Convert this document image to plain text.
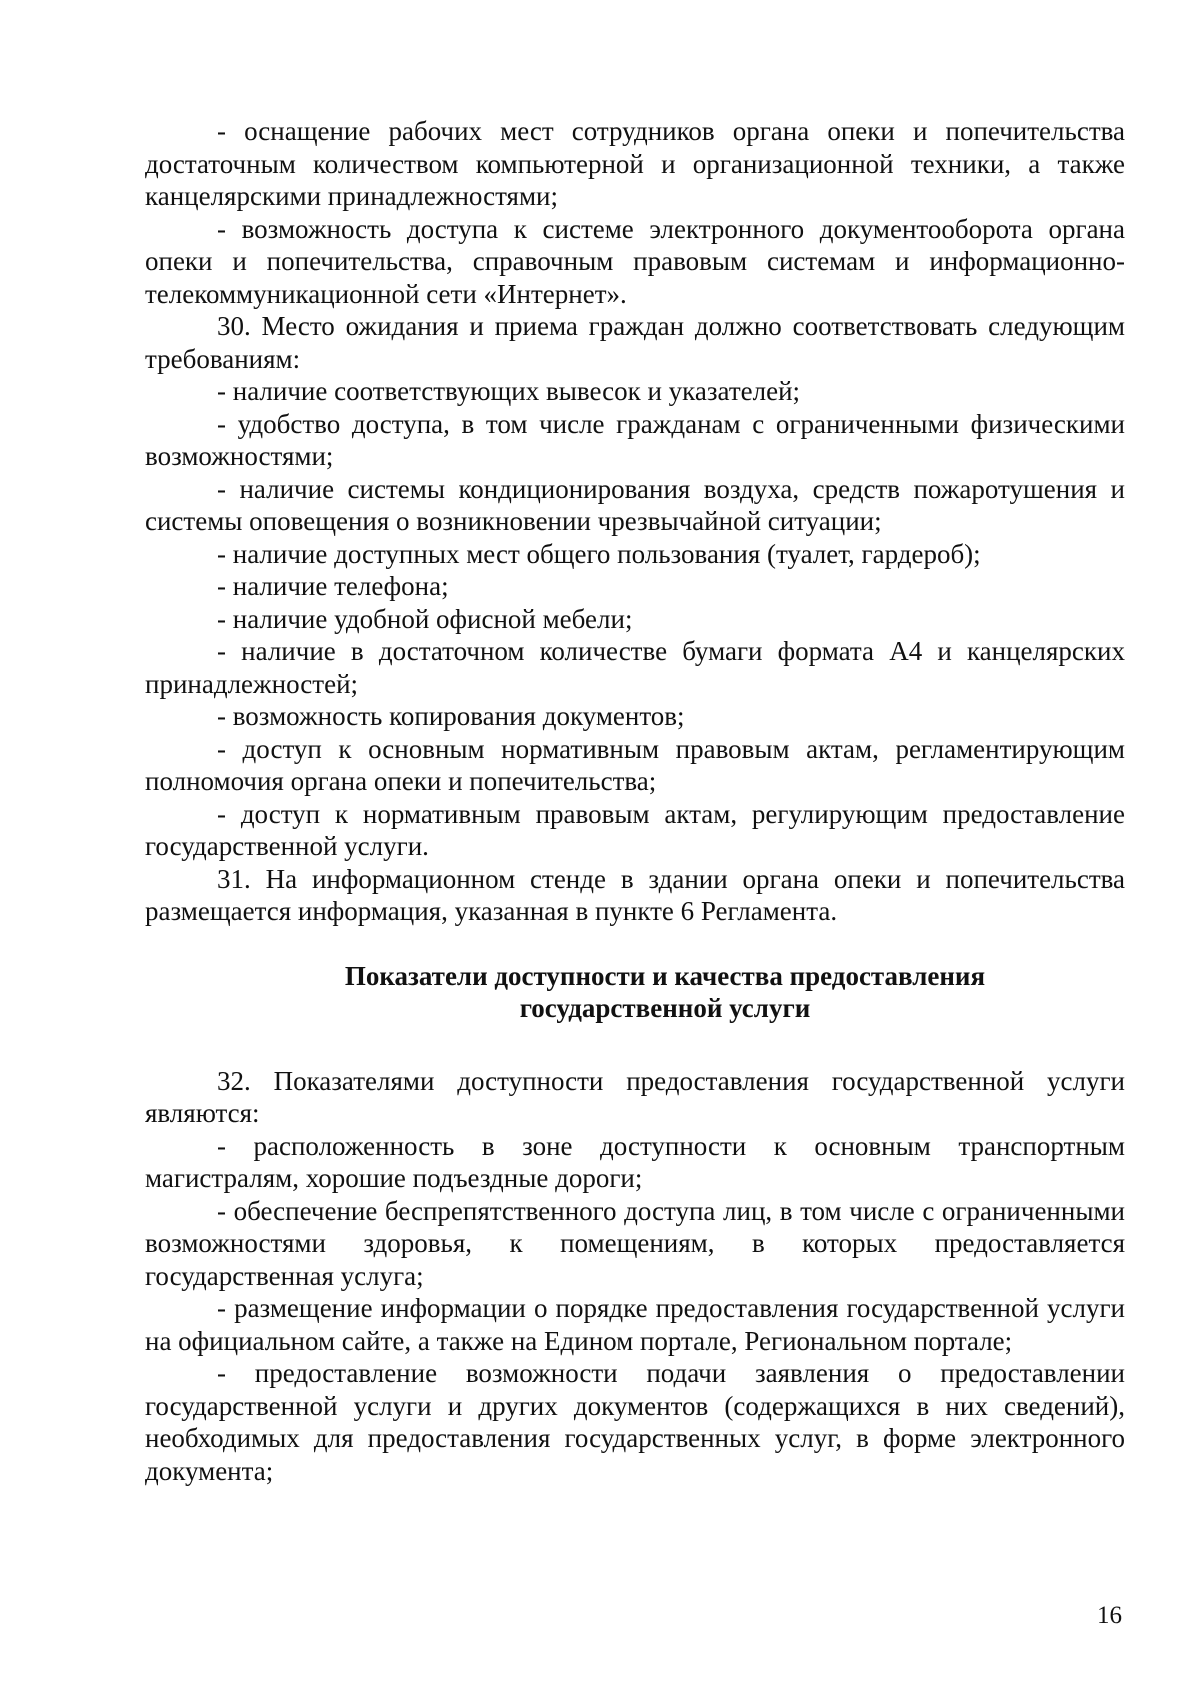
- оснащение рабочих мест сотрудников органа опеки и попечительства достаточным количеством компьютерной и организационной техники, а также канцелярскими принадлежностями;

- возможность доступа к системе электронного документооборота органа опеки и попечительства, справочным правовым системам и информационно-телекоммуникационной сети «Интернет».

30. Место ожидания и приема граждан должно соответствовать следующим требованиям:

- наличие соответствующих вывесок и указателей;

- удобство доступа, в том числе гражданам с ограниченными физическими возможностями;

- наличие системы кондиционирования воздуха, средств пожаротушения и системы оповещения о возникновении чрезвычайной ситуации;

- наличие доступных мест общего пользования (туалет, гардероб);

- наличие телефона;

- наличие удобной офисной мебели;

- наличие в достаточном количестве бумаги формата А4 и канцелярских принадлежностей;

- возможность копирования документов;

- доступ к основным нормативным правовым актам, регламентирующим полномочия органа опеки и попечительства;

- доступ к нормативным правовым актам, регулирующим предоставление государственной услуги.

31. На информационном стенде в здании органа опеки и попечительства размещается информация, указанная в пункте 6 Регламента.

Показатели доступности и качества предоставления
государственной услуги

32. Показателями доступности предоставления государственной услуги являются:

- расположенность в зоне доступности к основным транспортным магистралям, хорошие подъездные дороги;

- обеспечение беспрепятственного доступа лиц, в том числе с ограниченными возможностями здоровья, к помещениям, в которых предоставляется государственная услуга;

- размещение информации о порядке предоставления государственной услуги на официальном сайте, а также на Едином портале, Региональном портале;

- предоставление возможности подачи заявления о предоставлении государственной услуги и других документов (содержащихся в них сведений), необходимых для предоставления государственных услуг, в форме электронного документа;

16
